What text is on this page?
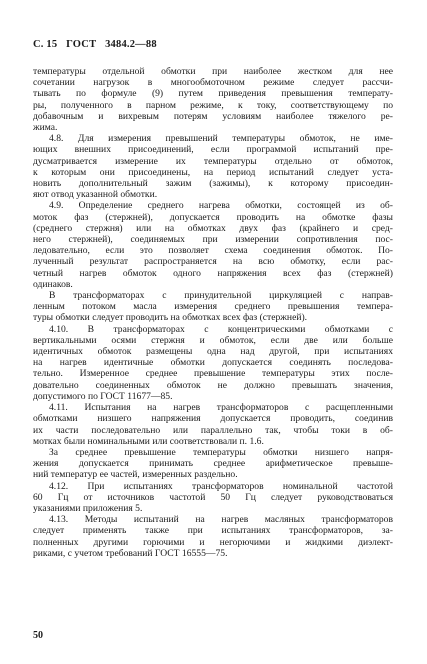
С. 15 ГОСТ 3484.2—88
температуры отдельной обмотки при наиболее жестком для нее
сочетании нагрузок в многообмоточном режиме следует рассчи-
тывать по формуле (9) путем приведения превышения температу-
ры, полученного в парном режиме, к току, соответствующему по
добавочным и вихревым потерям условиям наиболее тяжелого ре-
жима.
4.8. Для измерения превышений температуры обмоток, не име-
ющих внешних присоединений, если программой испытаний пре-
дусматривается измерение их температуры отдельно от обмоток,
к которым они присоединены, на период испытаний следует уста-
новить дополнительный зажим (зажимы), к которому присоедин-
яют отвод указанной обмотки.
4.9. Определение среднего нагрева обмотки, состоящей из об-
моток фаз (стержней), допускается проводить на обмотке фазы
(среднего стержня) или на обмотках двух фаз (крайнего и сред-
него стержней), соединяемых при измерении сопротивления пос-
ледовательно, если это позволяет схема соединения обмоток. По-
лученный результат распространяется на всю обмотку, если рас-
четный нагрев обмоток одного напряжения всех фаз (стержней)
одинаков.
В трансформаторах с принудительной циркуляцией с направ-
ленным потоком масла измерения среднего превышения темпера-
туры обмотки следует проводить на обмотках всех фаз (стержней).
4.10. В трансформаторах с концентрическими обмотками с
вертикальными осями стержня и обмоток, если две или больше
идентичных обмоток размещены одна над другой, при испытаниях
на нагрев идентичные обмотки допускается соединять последова-
тельно. Измеренное среднее превышение температуры этих после-
довательно соединенных обмоток не должно превышать значения,
допустимого по ГОСТ 11677—85.
4.11. Испытания на нагрев трансформаторов с расщепленными
обмотками низшего напряжения допускается проводить, соединив
их части последовательно или параллельно так, чтобы токи в об-
мотках были номинальными или соответствовали п. 1.6.
За среднее превышение температуры обмотки низшего напря-
жения допускается принимать среднее арифметическое превыше-
ний температур ее частей, измеренных раздельно.
4.12. При испытаниях трансформаторов номинальной частотой
60 Гц от источников частотой 50 Гц следует руководствоваться
указаниями приложения 5.
4.13. Методы испытаний на нагрев масляных трансформаторов
следует применять также при испытаниях трансформаторов, за-
полненных другими горючими и негорючими и жидкими диэлект-
риками, с учетом требований ГОСТ 16555—75.
50
